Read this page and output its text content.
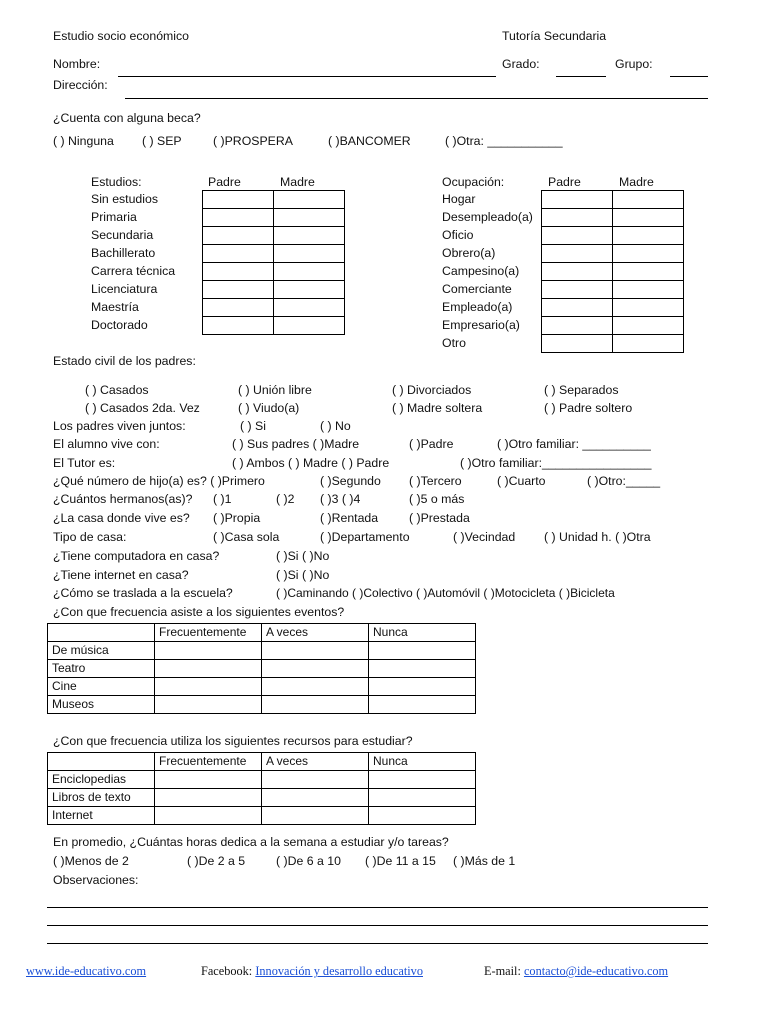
Estudio socio económico	Tutoría Secundaria
Nombre:	Grado:	Grupo:
Dirección:
¿Cuenta con alguna beca?
( ) Ninguna ( ) SEP	( )PROSPERA	( )BANCOMER	( )Otra: ___________
Estudios:	Padre	Madre
Sin estudios
Primaria
Secundaria
Bachillerato
Carrera técnica
Licenciatura
Maestría
Doctorado

Ocupación:	Padre	Madre
Hogar
Desempleado(a)
Oficio
Obrero(a)
Campesino(a)
Comerciante
Empleado(a)
Empresario(a)
Otro

Estado civil de los padres:
( ) Casados	( ) Unión libre	( ) Divorciados	( ) Separados
( ) Casados 2da. Vez	( ) Viudo(a)	( ) Madre soltera	( ) Padre soltero
Los padres viven juntos:	( ) Si	( ) No
El alumno vive con:	( ) Sus padres ( )Madre	( )Padre	( )Otro familiar: __________
El Tutor es:	( ) Ambos ( ) Madre ( ) Padre	( )Otro familiar:________________
¿Qué número de hijo(a) es? ( )Primero	( )Segundo ( )Tercero	( )Cuarto	( )Otro:_____
¿Cuántos hermanos(as)? ( )1	( )2 ( )3 ( )4	( )5 o más
¿La casa donde vive es? ( )Propia	( )Rentada	( )Prestada
Tipo de casa:	( )Casa sola	( )Departamento	( )Vecindad ( ) Unidad h. ( )Otra
¿Tiene computadora en casa?	( )Si ( )No
¿Tiene internet en casa?	( )Si ( )No
¿Cómo se traslada a la escuela?	( )Caminando ( )Colectivo ( )Automóvil ( )Motocicleta ( )Bicicleta
¿Con que frecuencia asiste a los siguientes eventos?
	Frecuentemente	A veces	Nunca
De música			
Teatro			
Cine			
Museos			
¿Con que frecuencia utiliza los siguientes recursos para estudiar?
	Frecuentemente	A veces	Nunca
Enciclopedias			
Libros de texto			
Internet			
En promedio, ¿Cuántas horas dedica a la semana a estudiar y/o tareas?
( )Menos de 2	( )De 2 a 5	( )De 6 a 10 ( )De 11 a 15 ( )Más de 1
Observaciones:
www.ide-educativo.com	Facebook: Innovación y desarrollo educativo	E-mail: contacto@ide-educativo.com
